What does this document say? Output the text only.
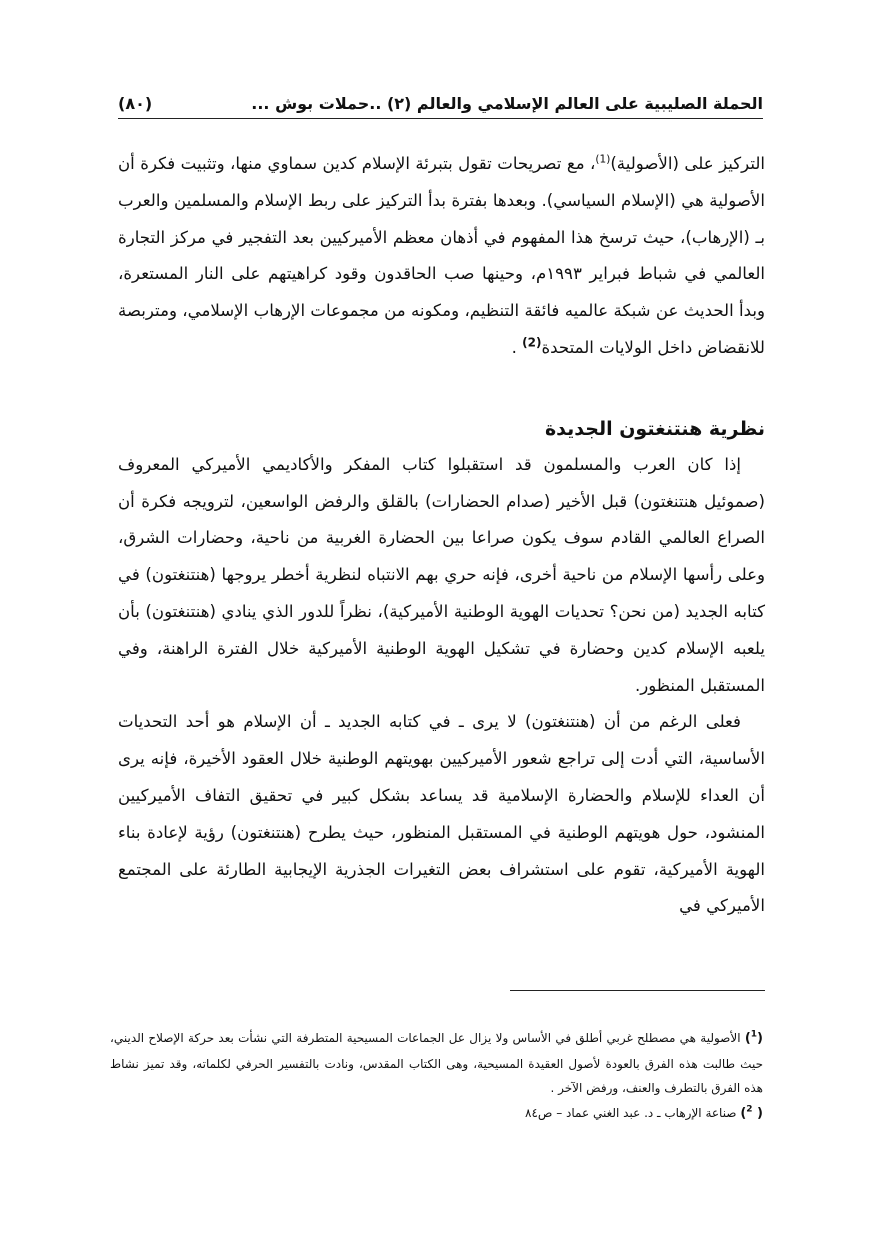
الحملة الصليبية على العالم الإسلامي والعالم (٢) ..حملات بوش ...
(٨٠)

التركيز على (الأصولية)$^{(1)}$، مع تصريحات تقول بتبرئة الإسلام كدين سماوي منها، وتثبيت فكرة أن الأصولية هي (الإسلام السياسي). وبعدها بفترة بدأ التركيز على ربط الإسلام والمسلمين والعرب بـ (الإرهاب)، حيث ترسخ هذا المفهوم في أذهان معظم الأميركيين بعد التفجير في مركز التجارة العالمي في شباط فبراير ١٩٩٣م، وحينها صب الحاقدون وقود كراهيتهم على النار المستعرة، وبدأ الحديث عن شبكة عالميه فائقة التنظيم، ومكونه من مجموعات الإرهاب الإسلامي، ومتربصة للانقضاض داخل الولايات المتحدة$^{(2)}$ .

نظرية هنتنغتون الجديدة

إذا كان العرب والمسلمون قد استقبلوا كتاب المفكر والأكاديمي الأميركي المعروف (صموئيل هنتنغتون) قبل الأخير (صدام الحضارات) بالقلق والرفض الواسعين، لترويجه فكرة أن الصراع العالمي القادم سوف يكون صراعا بين الحضارة الغربية من ناحية، وحضارات الشرق، وعلى رأسها الإسلام من ناحية أخرى، فإنه حري بهم الانتباه لنظرية أخطر يروجها (هنتنغتون) في كتابه الجديد (من نحن؟ تحديات الهوية الوطنية الأميركية)، نظراً للدور الذي ينادي (هنتنغتون) بأن يلعبه الإسلام كدين وحضارة في تشكيل الهوية الوطنية الأميركية خلال الفترة الراهنة، وفي المستقبل المنظور.

فعلى الرغم من أن (هنتنغتون) لا يرى ـ في كتابه الجديد ـ أن الإسلام هو أحد التحديات الأساسية، التي أدت إلى تراجع شعور الأميركيين بهويتهم الوطنية خلال العقود الأخيرة، فإنه يرى أن العداء للإسلام والحضارة الإسلامية قد يساعد بشكل كبير في تحقيق التفاف الأميركيين المنشود، حول هويتهم الوطنية في المستقبل المنظور، حيث يطرح (هنتنغتون) رؤية لإعادة بناء الهوية الأميركية، تقوم على استشراف بعض التغيرات الجذرية الإيجابية الطارئة على المجتمع الأميركي في

($^1$) الأصولية هي مصطلح غربي أطلق في الأساس ولا يزال عل الجماعات المسيحية المتطرفة التي نشأت بعد حركة الإصلاح الديني، حيث طالبت هذه الفرق بالعودة لأصول العقيدة المسيحية، وهى الكتاب المقدس، ونادت بالتفسير الحرفي لكلماته، وقد تميز نشاط هذه الفرق بالتطرف والعنف، ورفض الآخر .

( $^2$) صناعة الإرهاب ـ د. عبد الغني عماد – ص٨٤
